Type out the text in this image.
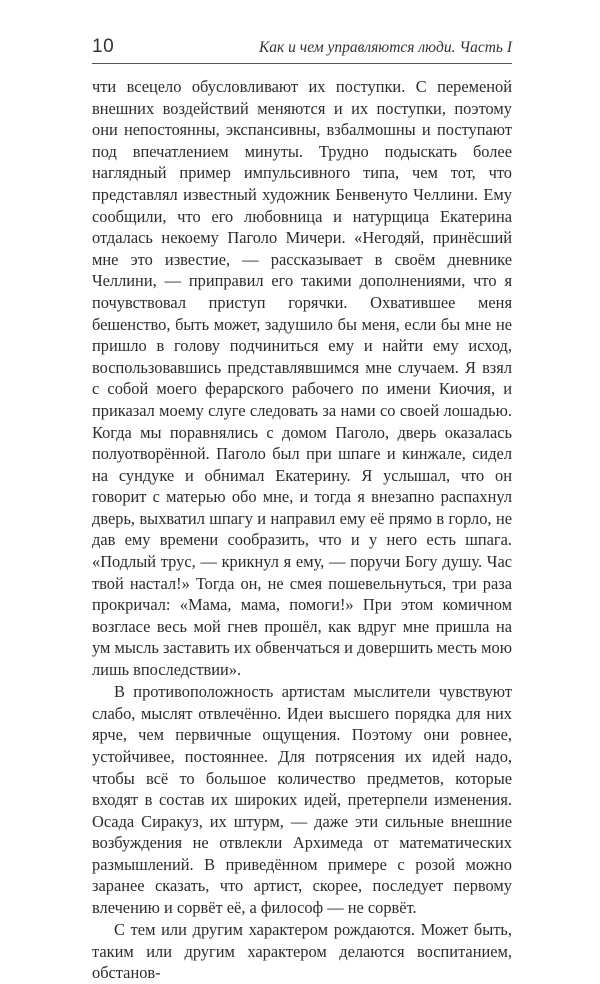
10	Как и чем управляются люди. Часть I

чти всецело обусловливают их поступки. С переменой внешних воздействий меняются и их поступки, поэтому они непостоянны, экспансивны, взбалмошны и поступают под впечатлением минуты. Трудно подыскать более наглядный пример импульсивного типа, чем тот, что представлял известный художник Бенвенуто Челлини. Ему сообщили, что его любовница и натурщица Екатерина отдалась некоему Паголо Мичери. «Негодяй, принёсший мне это известие, — рассказывает в своём дневнике Челлини, — приправил его такими дополнениями, что я почувствовал приступ горячки. Охватившее меня бешенство, быть может, задушило бы меня, если бы мне не пришло в голову подчиниться ему и найти ему исход, воспользовавшись представлявшимся мне случаем. Я взял с собой моего ферарского рабочего по имени Киочия, и приказал моему слуге следовать за нами со своей лошадью. Когда мы поравнялись с домом Паголо, дверь оказалась полуотворённой. Паголо был при шпаге и кинжале, сидел на сундуке и обнимал Екатерину. Я услышал, что он говорит с матерью обо мне, и тогда я внезапно распахнул дверь, выхватил шпагу и направил ему её прямо в горло, не дав ему времени сообразить, что и у него есть шпага. «Подлый трус, — крикнул я ему, — поручи Богу душу. Час твой настал!» Тогда он, не смея пошевельнуться, три раза прокричал: «Мама, мама, помоги!» При этом комичном возгласе весь мой гнев прошёл, как вдруг мне пришла на ум мысль заставить их обвенчаться и довершить месть мою лишь впоследствии».

В противоположность артистам мыслители чувствуют слабо, мыслят отвлечённо. Идеи высшего порядка для них ярче, чем первичные ощущения. Поэтому они ровнее, устойчивее, постояннее. Для потрясения их идей надо, чтобы всё то большое количество предметов, которые входят в состав их широких идей, претерпели изменения. Осада Сиракуз, их штурм, — даже эти сильные внешние возбуждения не отвлекли Архимеда от математических размышлений. В приведённом примере с розой можно заранее сказать, что артист, скорее, последует первому влечению и сорвёт её, а философ — не сорвёт.

С тем или другим характером рождаются. Может быть, таким или другим характером делаются воспитанием, обстанов-
